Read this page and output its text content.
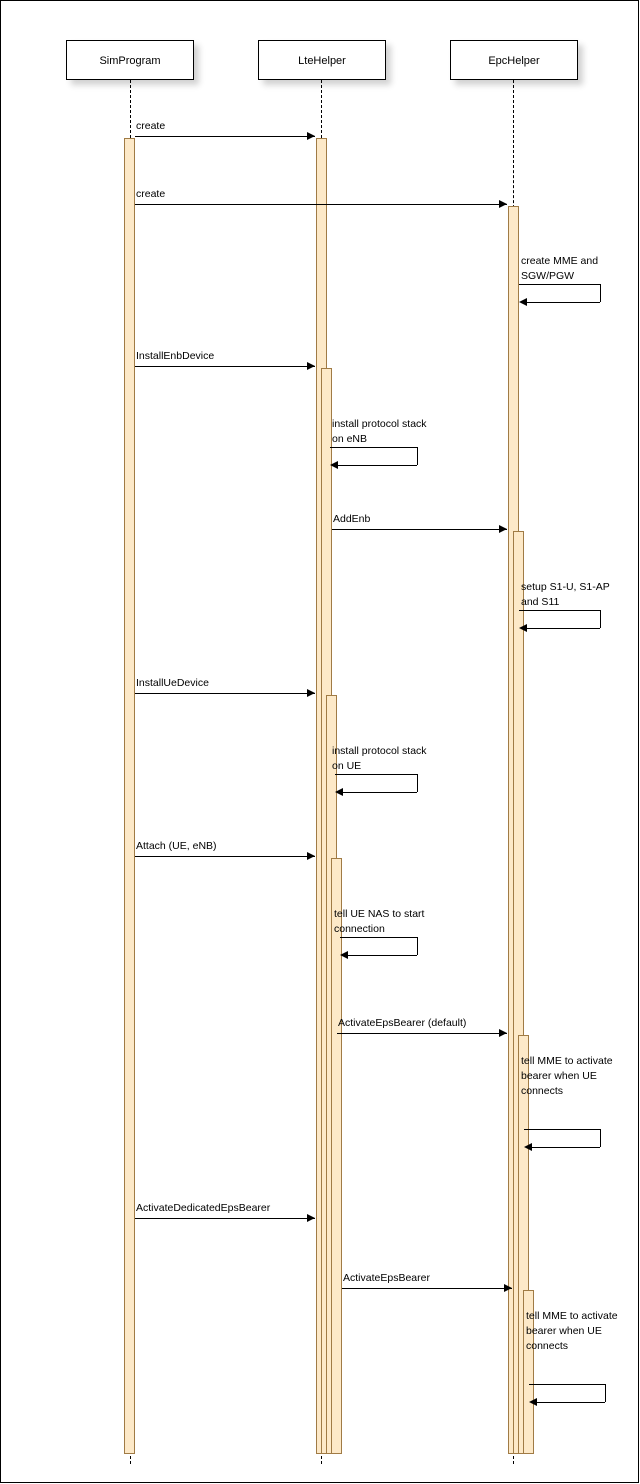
SimProgram	LteHelper	EpcHelper
create
create
create MME and SGW/PGW
InstallEnbDevice
install protocol stack on eNB
AddEnb
setup S1-U, S1-AP and S11
InstallUeDevice
install protocol stack on UE
Attach (UE, eNB)
tell UE NAS to start connection
ActivateEpsBearer (default)
tell MME to activate bearer when UE connects
ActivateDedicatedEpsBearer
ActivateEpsBearer
tell MME to activate bearer when UE connects
